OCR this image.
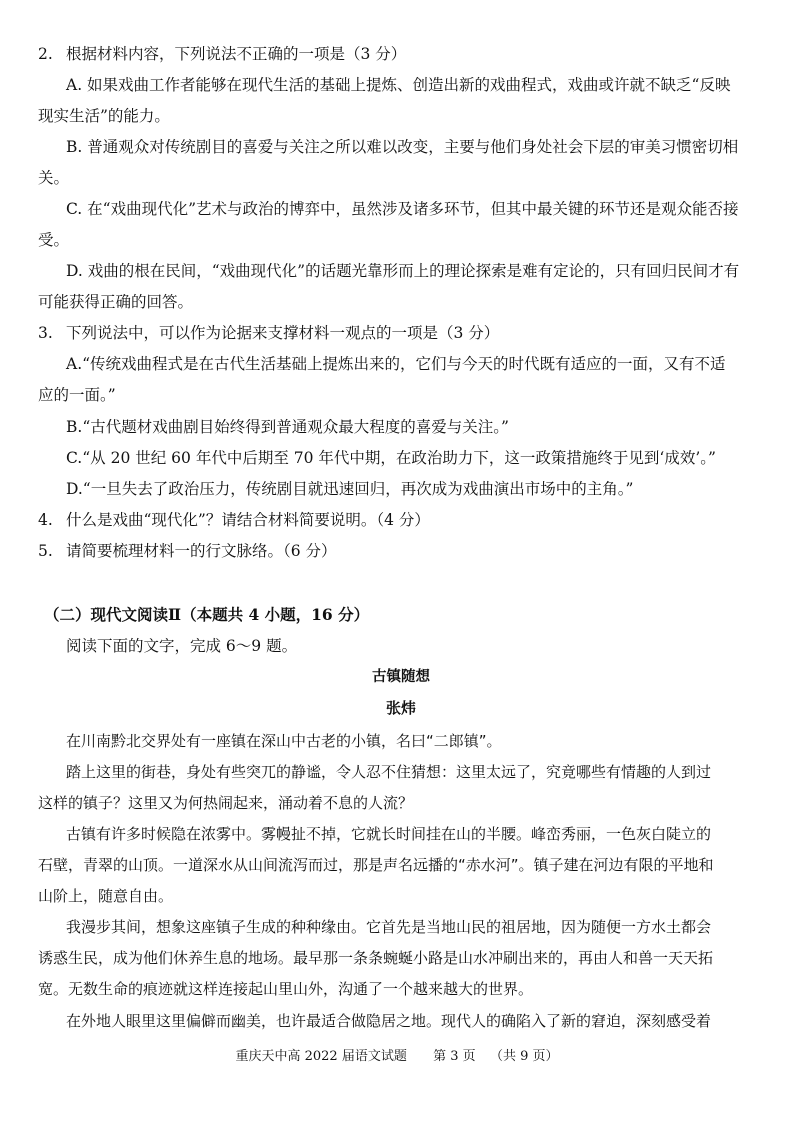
2. 根据材料内容，下列说法不正确的一项是（3 分）
A. 如果戏曲工作者能够在现代生活的基础上提炼、创造出新的戏曲程式，戏曲或许就不缺乏“反映
现实生活”的能力。
B. 普通观众对传统剧目的喜爱与关注之所以难以改变，主要与他们身处社会下层的审美习惯密切相
关。
C. 在“戏曲现代化”艺术与政治的博弈中，虽然涉及诸多环节，但其中最关键的环节还是观众能否接
受。
D. 戏曲的根在民间，“戏曲现代化”的话题光靠形而上的理论探索是难有定论的，只有回归民间才有
可能获得正确的回答。
3. 下列说法中，可以作为论据来支撑材料一观点的一项是（3 分）
A.“传统戏曲程式是在古代生活基础上提炼出来的，它们与今天的时代既有适应的一面，又有不适
应的一面。”
B.“古代题材戏曲剧目始终得到普通观众最大程度的喜爱与关注。”
C.“从 20 世纪 60 年代中后期至 70 年代中期，在政治助力下，这一政策措施终于见到‘成效’。”
D.“一旦失去了政治压力，传统剧目就迅速回归，再次成为戏曲演出市场中的主角。”
4. 什么是戏曲“现代化”？请结合材料简要说明。（4 分）
5. 请简要梳理材料一的行文脉络。（6 分）
（二）现代文阅读Ⅱ（本题共 4 小题，16 分）
阅读下面的文字，完成 6～9 题。
古镇随想
张炜
在川南黔北交界处有一座镇在深山中古老的小镇，名曰“二郎镇”。
踏上这里的街巷，身处有些突兀的静谧，令人忍不住猜想：这里太远了，究竟哪些有情趣的人到过
这样的镇子？这里又为何热闹起来，涌动着不息的人流？
古镇有许多时候隐在浓雾中。雾幔扯不掉，它就长时间挂在山的半腰。峰峦秀丽，一色灰白陡立的
石壁，青翠的山顶。一道深水从山间流泻而过，那是声名远播的“赤水河”。镇子建在河边有限的平地和
山阶上，随意自由。
我漫步其间，想象这座镇子生成的种种缘由。它首先是当地山民的祖居地，因为随便一方水土都会
诱惑生民，成为他们休养生息的地场。最早那一条条蜿蜒小路是山水冲刷出来的，再由人和兽一天天拓
宽。无数生命的痕迹就这样连接起山里山外，沟通了一个越来越大的世界。
在外地人眼里这里偏僻而幽美，也许最适合做隐居之地。现代人的确陷入了新的窘迫，深刻感受着
重庆天中高 2022 届语文试题 第 3 页 （共 9 页）
